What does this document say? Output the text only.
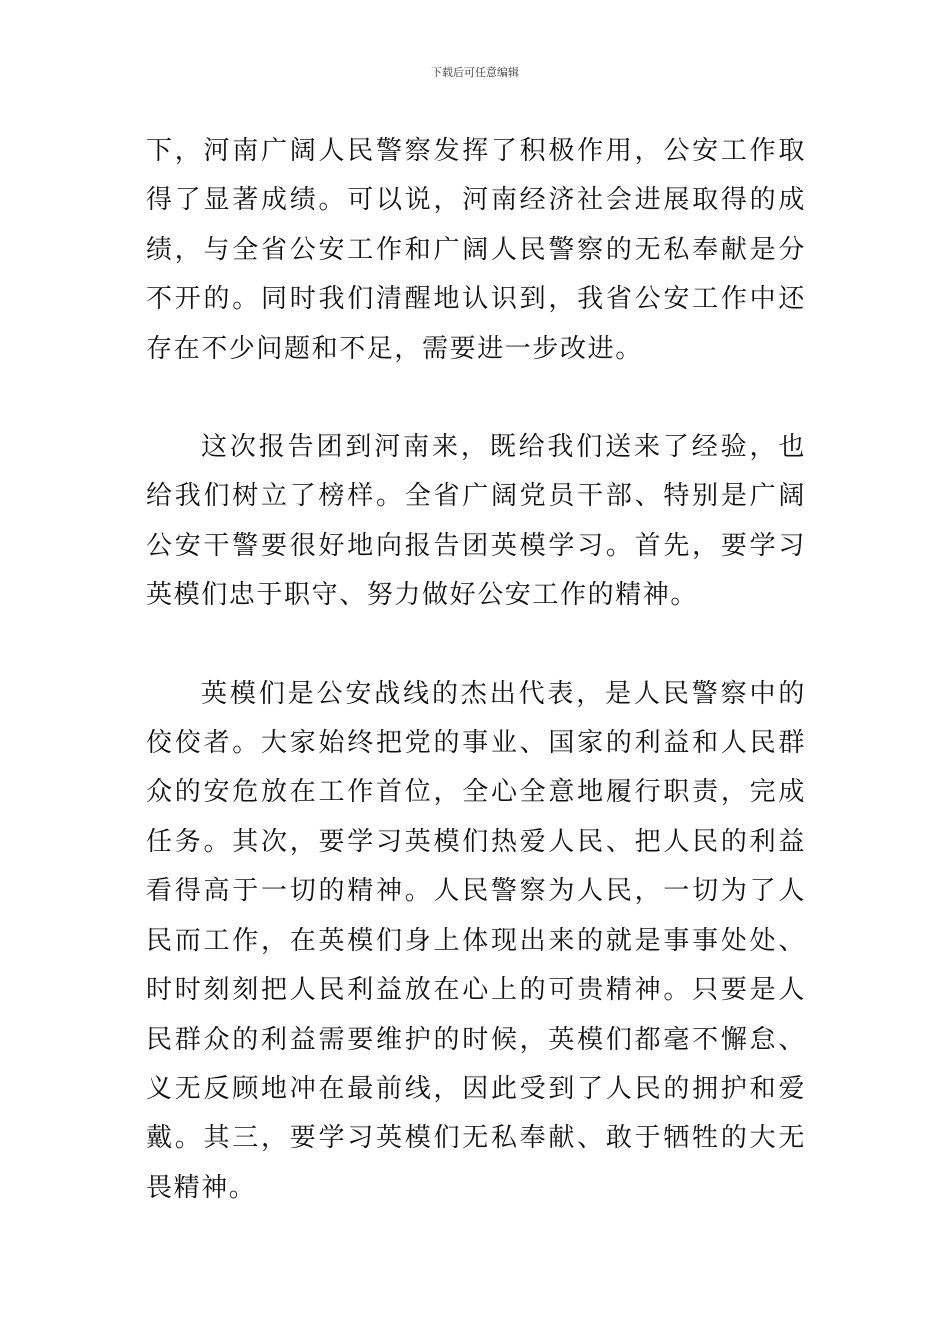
下载后可任意编辑

下，河南广阔人民警察发挥了积极作用，公安工作取得了显著成绩。可以说，河南经济社会进展取得的成绩，与全省公安工作和广阔人民警察的无私奉献是分不开的。同时我们清醒地认识到，我省公安工作中还存在不少问题和不足，需要进一步改进。

这次报告团到河南来，既给我们送来了经验，也给我们树立了榜样。全省广阔党员干部、特别是广阔公安干警要很好地向报告团英模学习。首先，要学习英模们忠于职守、努力做好公安工作的精神。

英模们是公安战线的杰出代表，是人民警察中的佼佼者。大家始终把党的事业、国家的利益和人民群众的安危放在工作首位，全心全意地履行职责，完成任务。其次，要学习英模们热爱人民、把人民的利益看得高于一切的精神。人民警察为人民，一切为了人民而工作，在英模们身上体现出来的就是事事处处、时时刻刻把人民利益放在心上的可贵精神。只要是人民群众的利益需要维护的时候，英模们都毫不懈怠、义无反顾地冲在最前线，因此受到了人民的拥护和爱戴。其三，要学习英模们无私奉献、敢于牺牲的大无畏精神。
